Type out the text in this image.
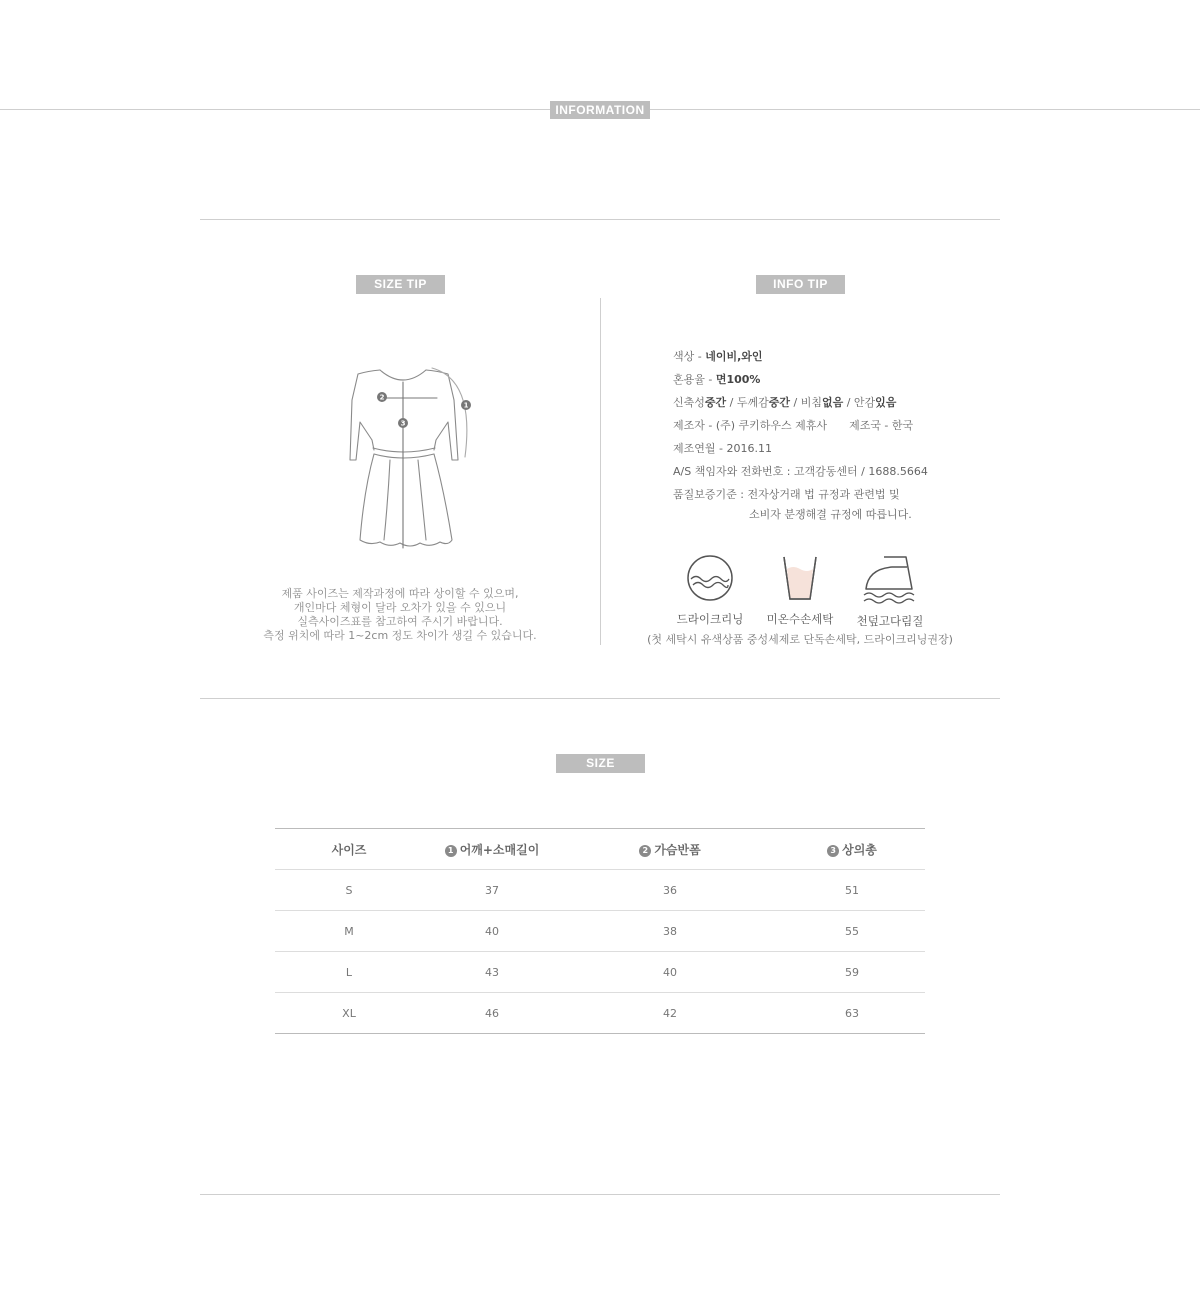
INFORMATION
SIZE TIP
1
2
3
제품 사이즈는 제작과정에 따라 상이할 수 있으며,
개인마다 체형이 달라 오차가 있을 수 있으니
실측사이즈표를 참고하여 주시기 바랍니다.
측정 위치에 따라 1~2cm 정도 차이가 생길 수 있습니다.
INFO TIP
색상 - 네이비,와인
혼용율 - 면100%
신축성중간 / 두께감중간 / 비침없음 / 안감있음
제조자 - (주) 쿠키하우스 제휴사 제조국 - 한국
제조연월 - 2016.11
A/S 책임자와 전화번호 : 고객감동센터 / 1688.5664
품질보증기준 : 전자상거래 법 규정과 관련법 및
소비자 분쟁해결 규정에 따릅니다.
드라이크리닝	미온수손세탁	천덮고다림질
(첫 세탁시 유색상품 중성세제로 단독손세탁, 드라이크리닝권장)
SIZE
사이즈	1 어깨+소매길이	2 가슴반폼	3 상의총
S	37	36	51
M	40	38	55
L	43	40	59
XL	46	42	63
